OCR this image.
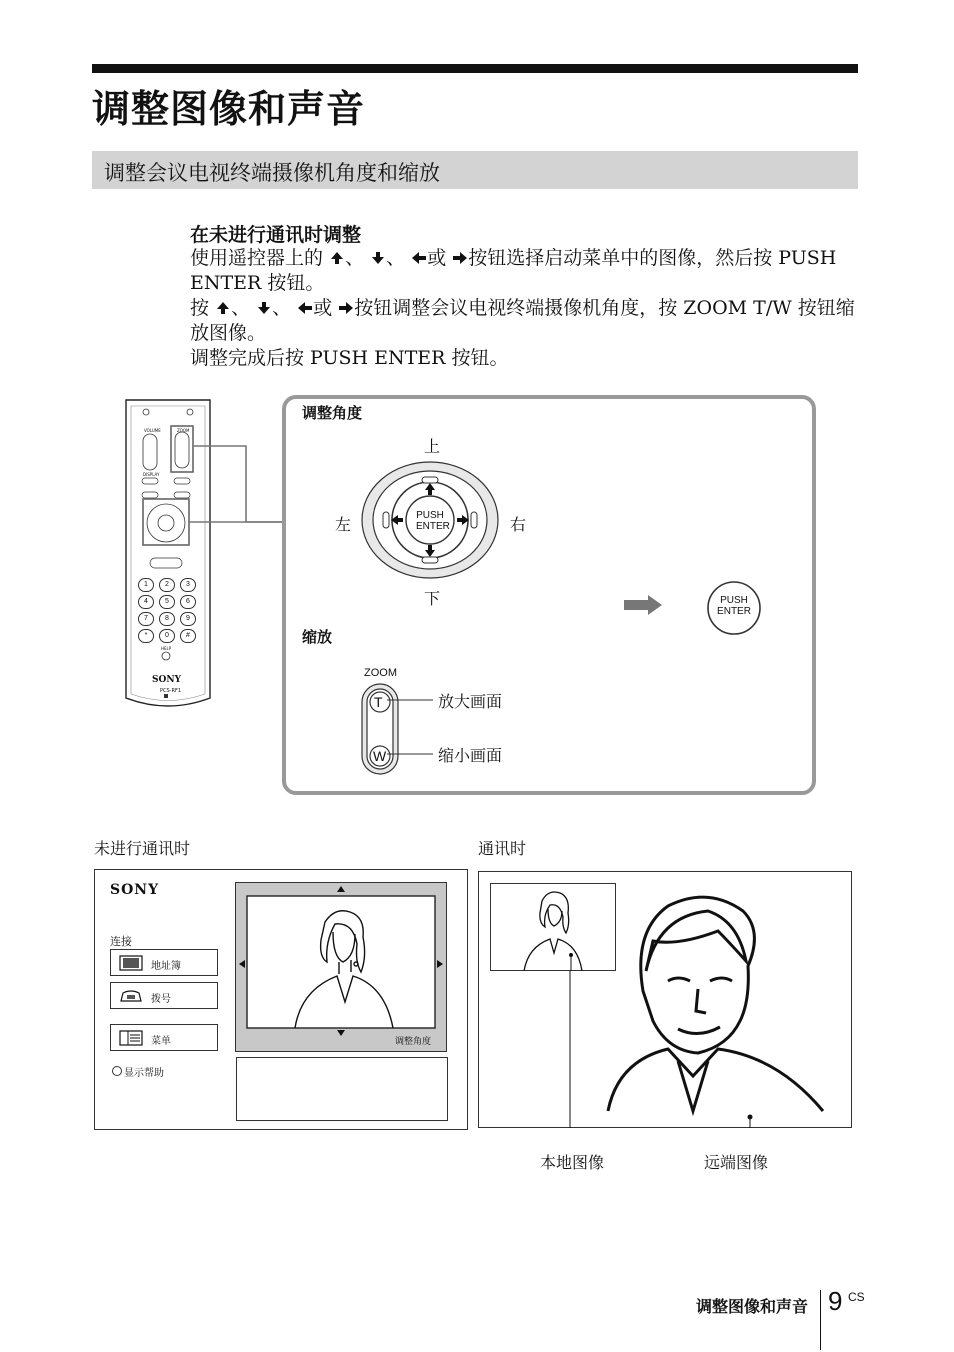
调整图像和声音
调整会议电视终端摄像机角度和缩放
在未进行通讯时调整

使用遥控器上的 、 、 或 按钮选择启动菜单中的图像，然后按 PUSH ENTER 按钮。

按 、 、 或 按钮调整会议电视终端摄像机角度，按 ZOOM T/W 按钮缩放图像。

调整完成后按 PUSH ENTER 按钮。

SONY
PCS-RF1
VOLUME	ZOOM
DISPLAY
HELP
1	2	3
4	5	6
7	8	9
*	0	#
调整角度
PUSH
ENTER
上
下
左	右
PUSH
ENTER
缩放
ZOOM
T
W
放大画面
缩小画面
未进行通讯时	通讯时
SONY
连接
地址簿
拨号
菜单
显示帮助
调整角度
本地图像	远端图像
调整图像和声音 9 CS
